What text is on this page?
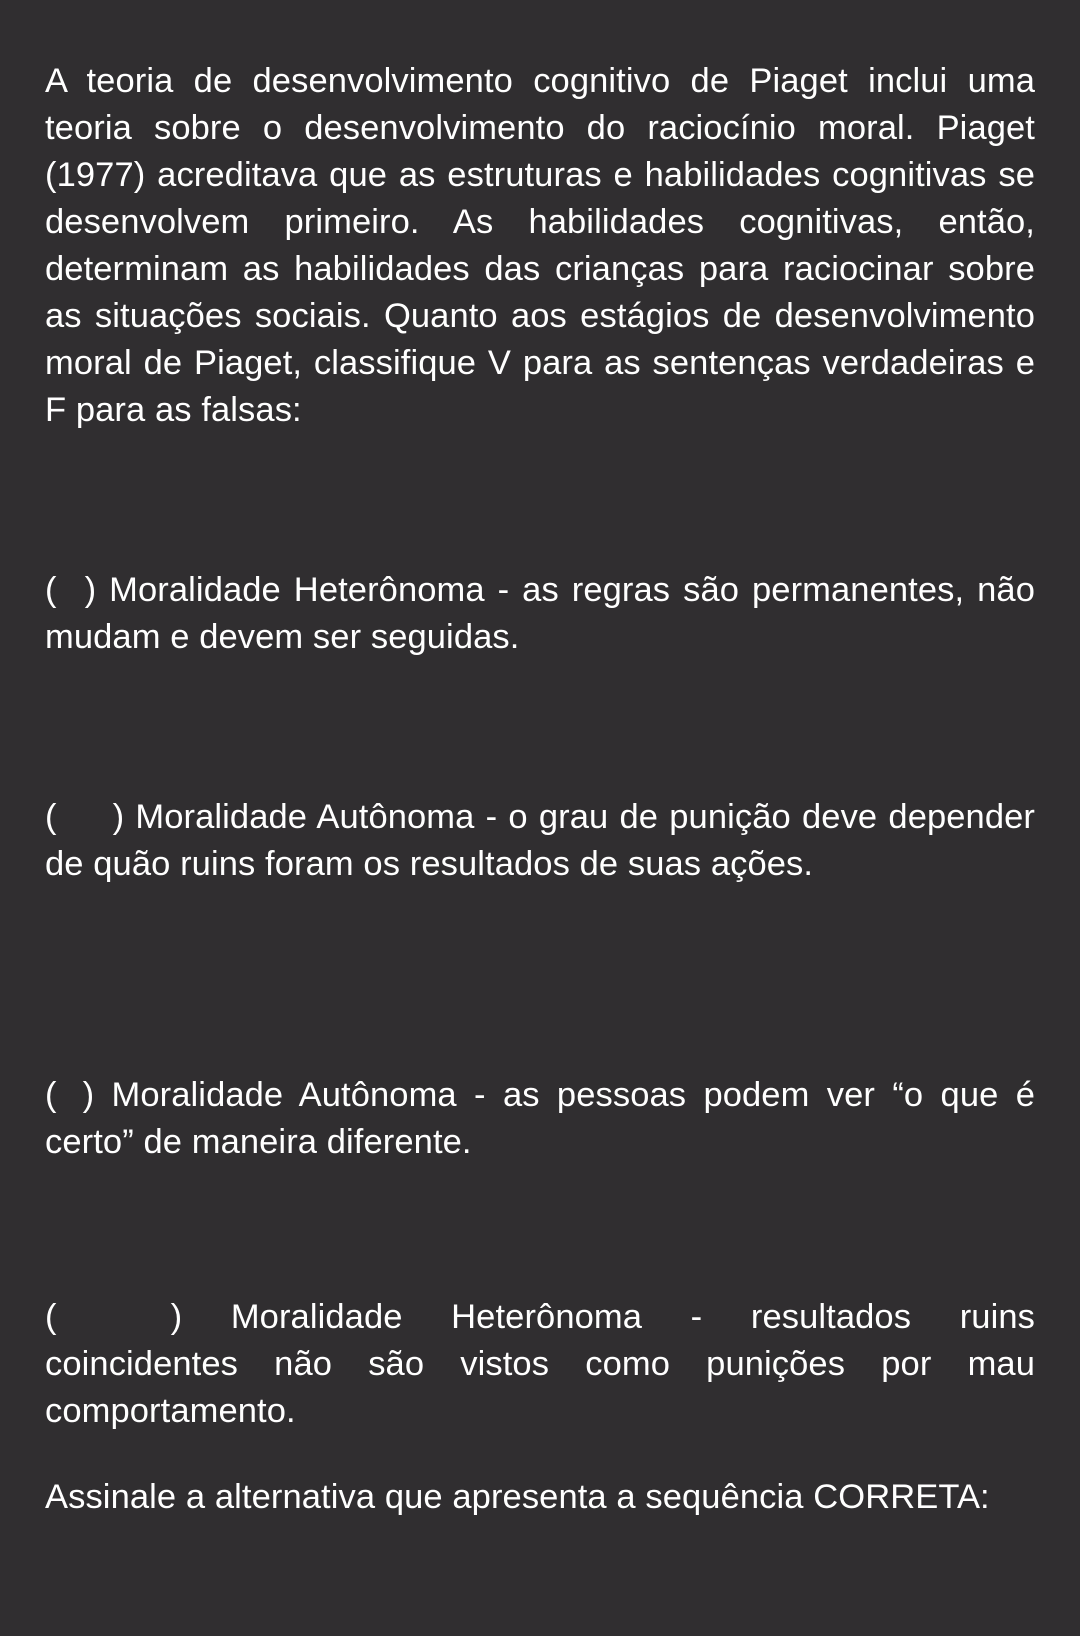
A teoria de desenvolvimento cognitivo de Piaget inclui uma teoria sobre o desenvolvimento do raciocínio moral. Piaget (1977) acreditava que as estruturas e habilidades cognitivas se desenvolvem primeiro. As habilidades cognitivas, então, determinam as habilidades das crianças para raciocinar sobre as situações sociais. Quanto aos estágios de desenvolvimento moral de Piaget, classifique V para as sentenças verdadeiras e F para as falsas:

( ) Moralidade Heterônoma - as regras são permanentes, não mudam e devem ser seguidas.

( ) Moralidade Autônoma - o grau de punição deve depender de quão ruins foram os resultados de suas ações.

( ) Moralidade Autônoma - as pessoas podem ver “o que é certo” de maneira diferente.

(	) Moralidade Heterônoma - resultados ruins coincidentes não são vistos como punições por mau comportamento.

Assinale a alternativa que apresenta a sequência CORRETA:
